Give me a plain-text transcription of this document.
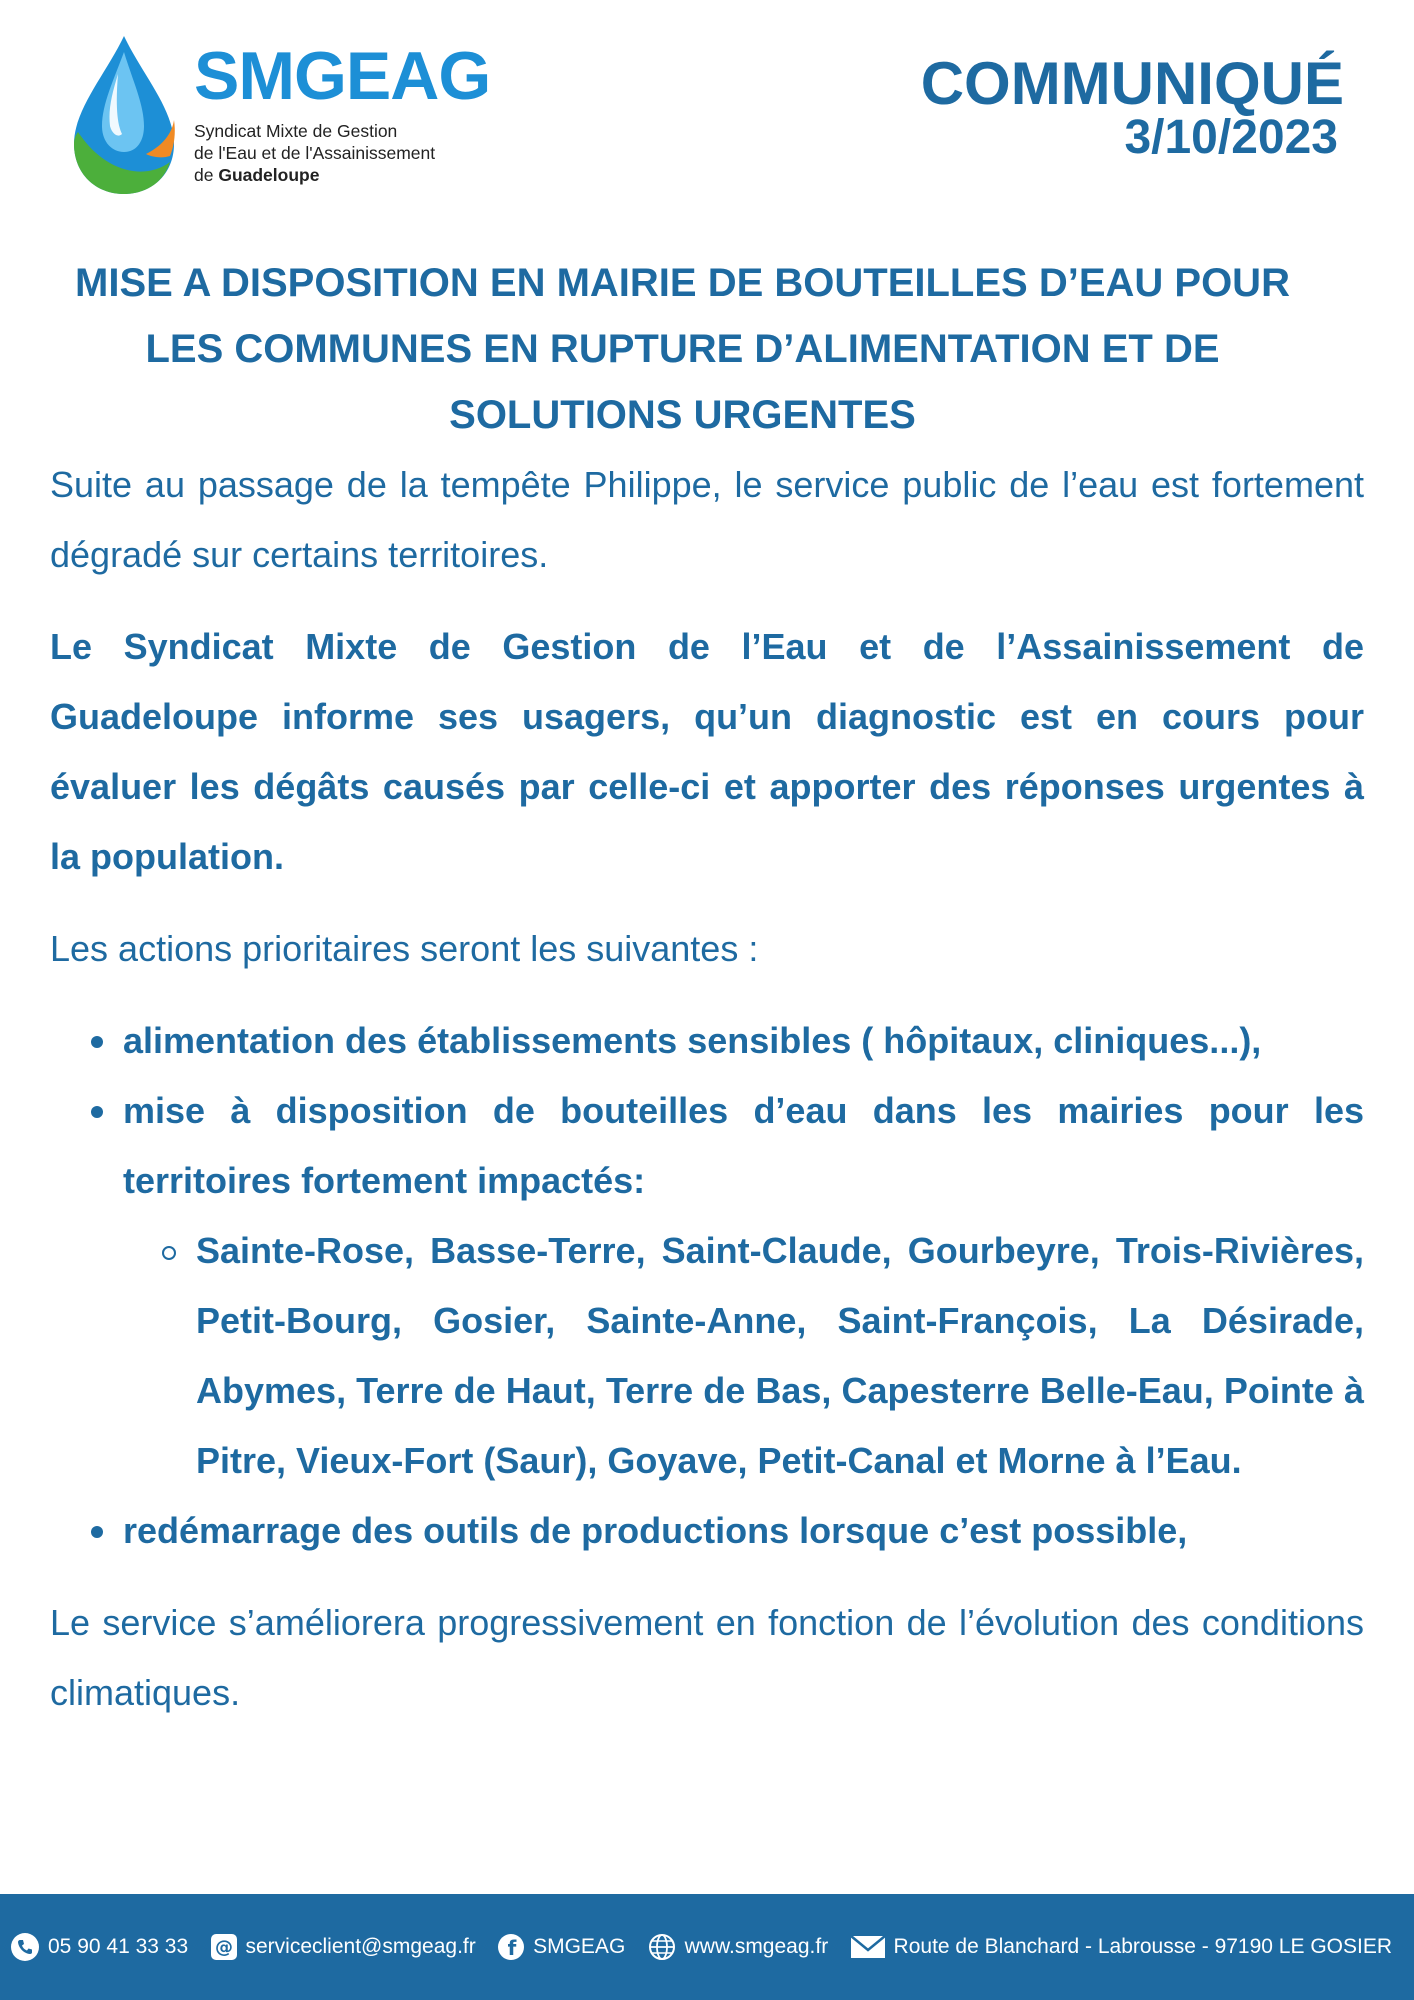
SMGEAG
Syndicat Mixte de Gestion
de l'Eau et de l'Assainissement
de Guadeloupe
COMMUNIQUÉ
3/10/2023
MISE A DISPOSITION EN MAIRIE DE BOUTEILLES D’EAU POUR
LES COMMUNES EN RUPTURE D’ALIMENTATION ET DE
SOLUTIONS URGENTES

Suite au passage de la tempête Philippe, le service public de l’eau est fortement dégradé sur certains territoires.

Le Syndicat Mixte de Gestion de l’Eau et de l’Assainissement de Guadeloupe informe ses usagers, qu’un diagnostic est en cours pour évaluer les dégâts causés par celle-ci et apporter des réponses urgentes à la population.

Les actions prioritaires seront les suivantes :

alimentation des établissements sensibles ( hôpitaux, cliniques...),
mise à disposition de bouteilles d’eau dans les mairies pour les territoires fortement impactés:
Sainte-Rose, Basse-Terre, Saint-Claude, Gourbeyre, Trois-Rivières, Petit-Bourg, Gosier, Sainte-Anne, Saint-François, La Désirade, Abymes, Terre de Haut, Terre de Bas, Capesterre Belle-Eau, Pointe à Pitre, Vieux-Fort (Saur), Goyave, Petit-Canal et Morne à l’Eau.
redémarrage des outils de productions lorsque c’est possible,

Le service s’améliorera progressivement en fonction de l’évolution des conditions climatiques.

05 90 41 33 33 @ serviceclient@smgeag.fr f SMGEAG	www.smgeag.fr	Route de Blanchard - Labrousse - 97190 LE GOSIER
